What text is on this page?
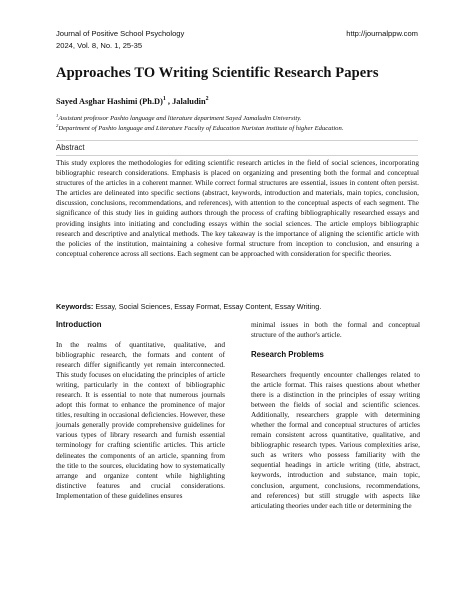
Journal of Positive School Psychology
2024, Vol. 8, No. 1, 25-35
http://journalppw.com
Approaches TO Writing Scientific Research Papers
Sayed Asghar Hashimi $(Ph.D)^1$ , Jalaludin$^2$
$^1$Assistant professor Pashto language and literature department Sayed Jamaludin University.
$^2$Department of Pashto language and Literature Faculty of Education Nuristan institute of higher Education.
Abstract
This study explores the methodologies for editing scientific research articles in the field of social sciences, incorporating bibliographic research considerations. Emphasis is placed on organizing and presenting both the formal and conceptual structures of the articles in a coherent manner. While correct formal structures are essential, issues in content often persist. The articles are delineated into specific sections (abstract, keywords, introduction and materials, main topics, conclusion, discussion, conclusions, recommendations, and references), with attention to the conceptual aspects of each segment. The significance of this study lies in guiding authors through the process of crafting bibliographically researched essays and providing insights into initiating and concluding essays within the social sciences. The article employs bibliographic research and descriptive and analytical methods. The key takeaway is the importance of aligning the scientific article with the policies of the institution, maintaining a cohesive formal structure from inception to conclusion, and ensuring a conceptual coherence across all sections. Each segment can be approached with consideration for specific theories.
Keywords: Essay, Social Sciences, Essay Format, Essay Content, Essay Writing.
Introduction
In the realms of quantitative, qualitative, and bibliographic research, the formats and content of research differ significantly yet remain interconnected. This study focuses on elucidating the principles of article writing, particularly in the context of bibliographic research. It is essential to note that numerous journals adopt this format to enhance the prominence of major titles, resulting in occasional deficiencies. However, these journals generally provide comprehensive guidelines for various types of library research and furnish essential terminology for crafting scientific articles. This article delineates the components of an article, spanning from the title to the sources, elucidating how to systematically arrange and organize content while highlighting distinctive features and crucial considerations. Implementation of these guidelines ensures
minimal issues in both the formal and conceptual structure of the author's article.
Research Problems
Researchers frequently encounter challenges related to the article format. This raises questions about whether there is a distinction in the principles of essay writing between the fields of social and scientific sciences. Additionally, researchers grapple with determining whether the formal and conceptual structures of articles remain consistent across quantitative, qualitative, and bibliographic research types. Various complexities arise, such as writers who possess familiarity with the sequential headings in article writing (title, abstract, keywords, introduction and substance, main topic, conclusion, argument, conclusions, recommendations, and references) but still struggle with aspects like articulating theories under each title or determining the
